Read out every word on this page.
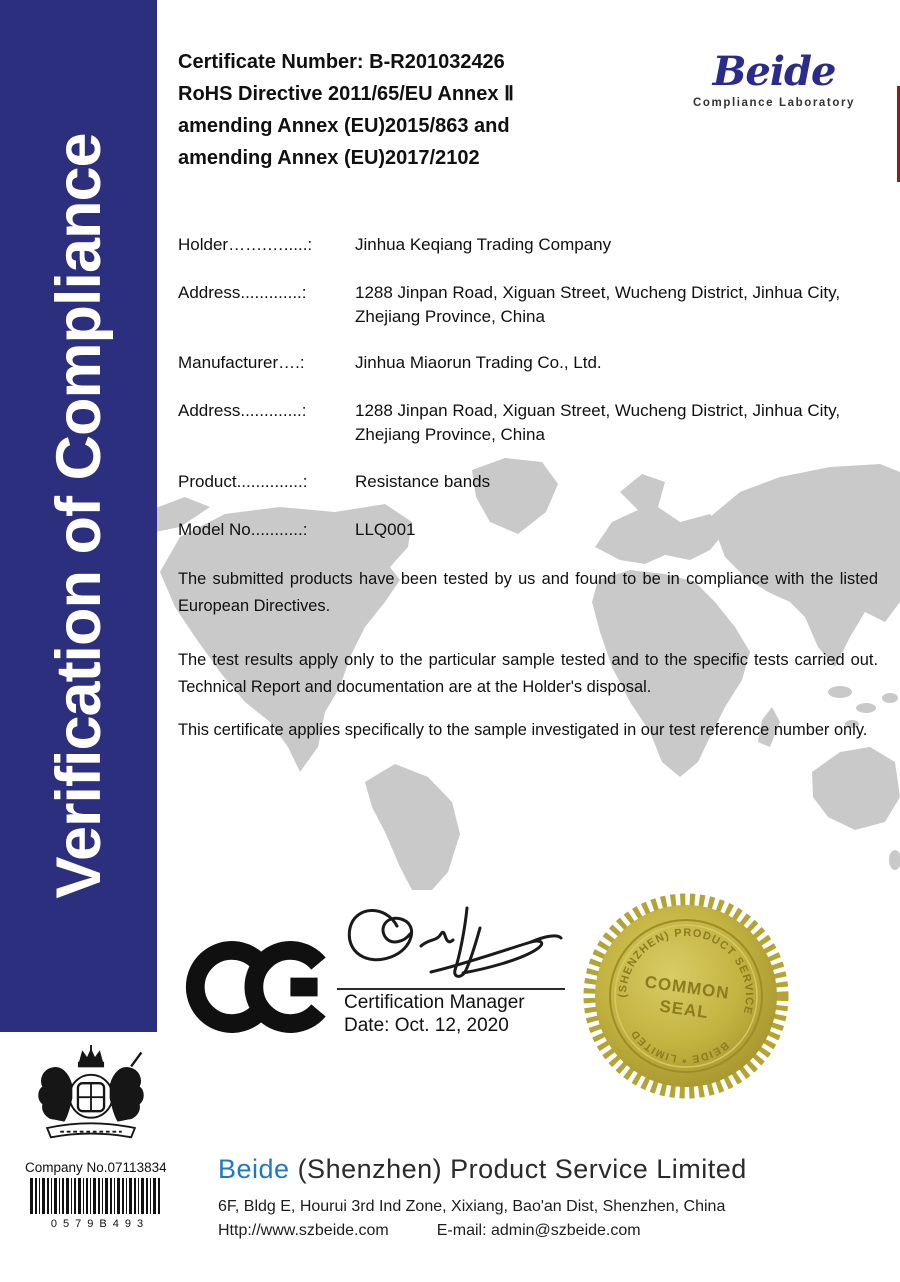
Verification of Compliance
Certificate Number: B-R201032426
RoHS Directive 2011/65/EU Annex Ⅱ
amending Annex (EU)2015/863 and
amending Annex (EU)2017/2102
Beide
Compliance Laboratory
Holder…….….....:	Jinhua Keqiang Trading Company
Address.............:	1288 Jinpan Road, Xiguan Street, Wucheng District, Jinhua City, Zhejiang Province, China
Manufacturer….:	Jinhua Miaorun Trading Co., Ltd.
Address.............:	1288 Jinpan Road, Xiguan Street, Wucheng District, Jinhua City, Zhejiang Province, China
Product..............:	Resistance bands
Model No...........:	LLQ001
The submitted products have been tested by us and found to be in compliance with the listed European Directives.
The test results apply only to the particular sample tested and to the specific tests carried out. Technical Report and documentation are at the Holder's disposal.
This certificate applies specifically to the sample investigated in our test reference number only.
Certification Manager
Date: Oct. 12, 2020
(SHENZHEN) PRODUCT SERVICE
BEIDE * LIMITED
COMMON
SEAL
Company No.07113834
0579B493
Beide (Shenzhen) Product Service Limited
6F, Bldg E, Hourui 3rd Ind Zone, Xixiang, Bao'an Dist, Shenzhen, China
Http://www.szbeide.com	E-mail: admin@szbeide.com
